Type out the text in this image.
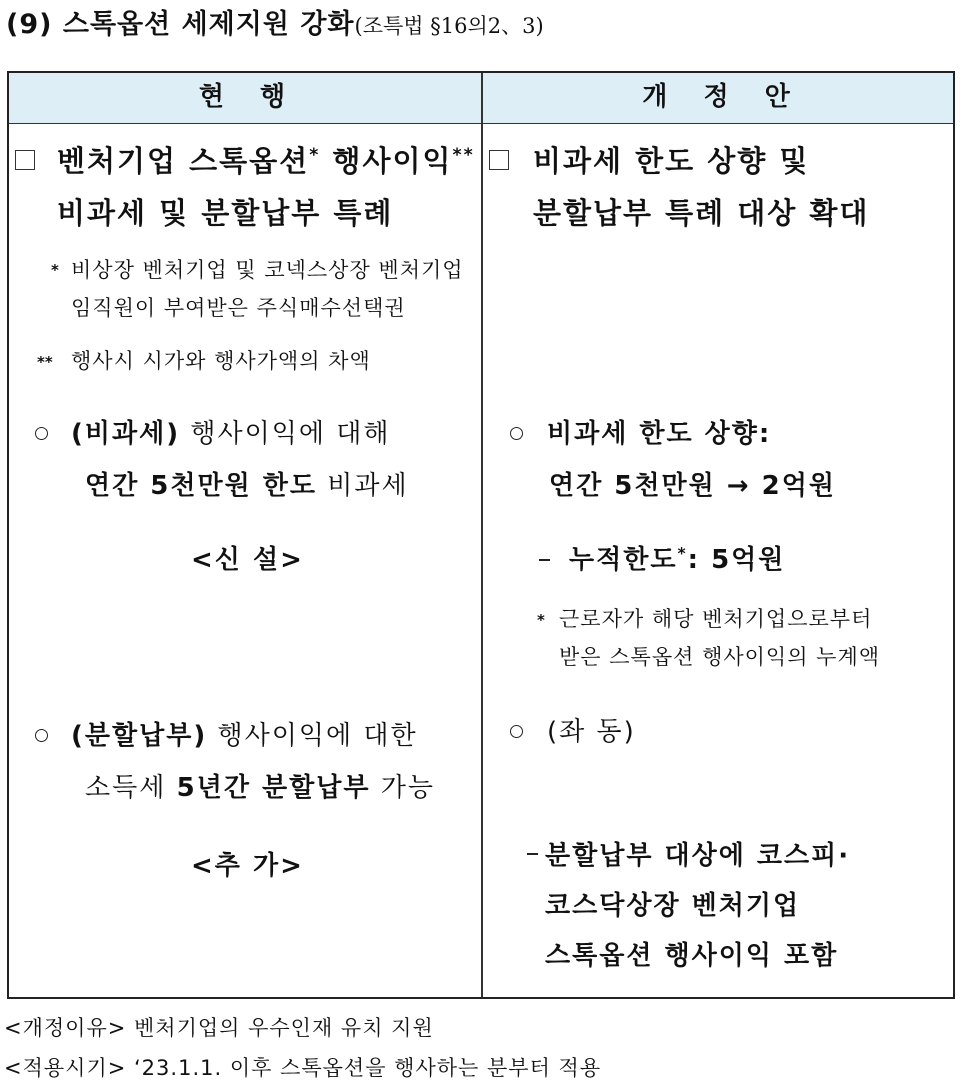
(9) 스톡옵션 세제지원 강화(조특법 §16의2、3)
현  행	개  정  안
벤처기업 스톡옵션* 행사이익**
비과세 및 분할납부 특례
* 비상장 벤처기업 및 코넥스상장 벤처기업
임직원이 부여받은 주식매수선택권
** 행사시 시가와 행사가액의 차액
(비과세) 행사이익에 대해
연간 5천만원 한도 비과세
<신 설>
(분할납부) 행사이익에 대한
소득세 5년간 분할납부 가능
<추 가>
비과세 한도 상향 및
분할납부 특례 대상 확대
비과세 한도 상향:
연간 5천만원 → 2억원
누적한도*: 5억원
* 근로자가 해당 벤처기업으로부터
받은 스톡옵션 행사이익의 누계액
(좌 동)
분할납부 대상에 코스피·
코스닥상장 벤처기업
스톡옵션 행사이익 포함
<개정이유> 벤처기업의 우수인재 유치 지원
<적용시기> ‘23.1.1. 이후 스톡옵션을 행사하는 분부터 적용
